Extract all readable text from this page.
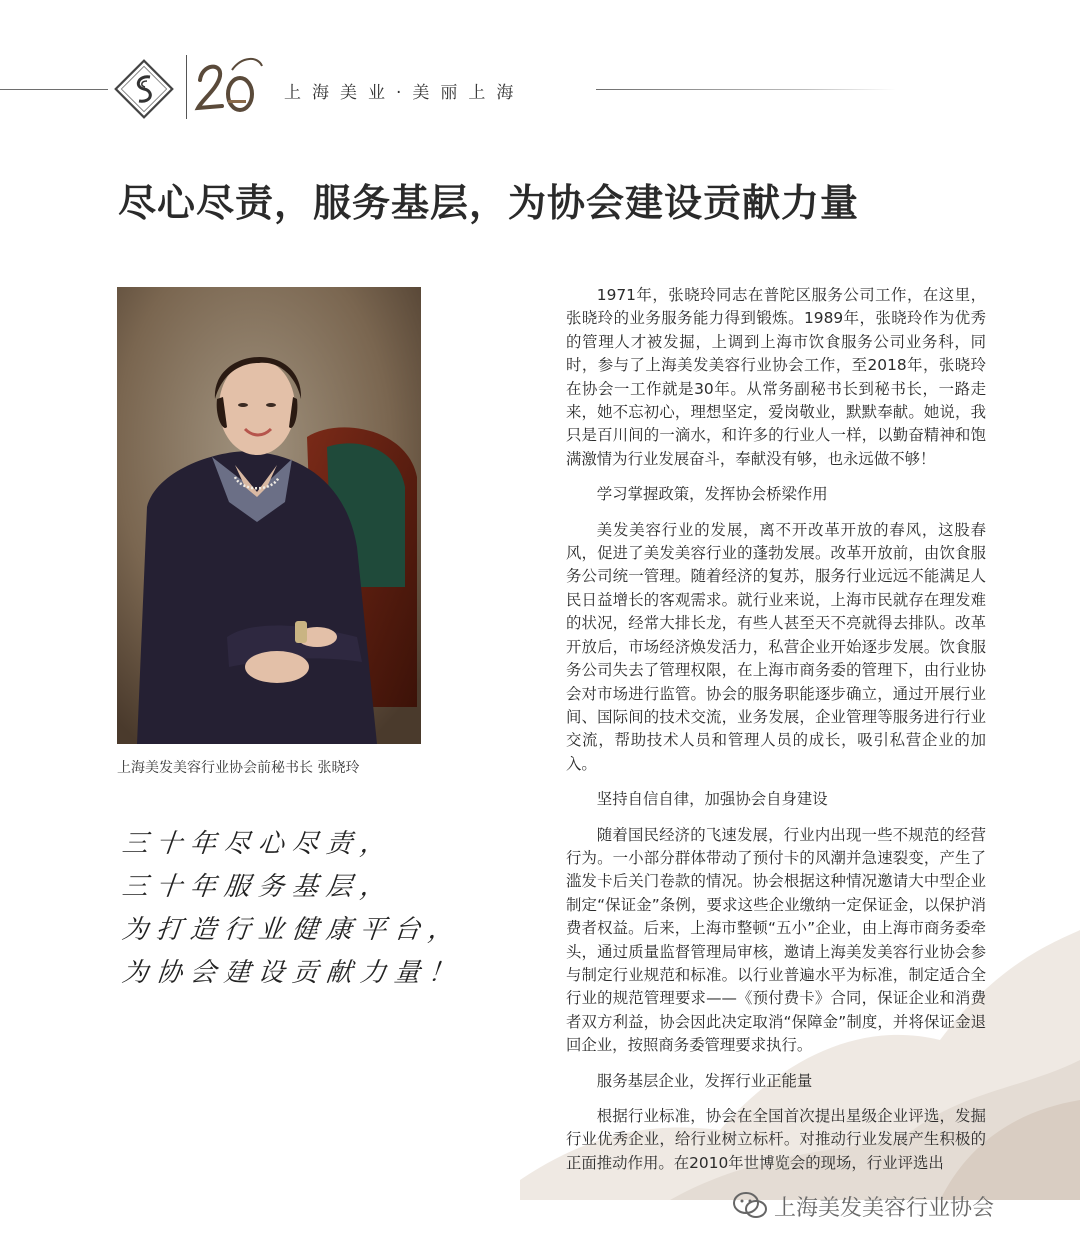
上海美业·美丽上海
尽心尽责，服务基层，为协会建设贡献力量
上海美发美容行业协会前秘书长 张晓玲
三十年尽心尽责，
三十年服务基层，
为打造行业健康平台，
为协会建设贡献力量！

1971年，张晓玲同志在普陀区服务公司工作，在这里，张晓玲的业务服务能力得到锻炼。1989年，张晓玲作为优秀的管理人才被发掘，上调到上海市饮食服务公司业务科，同时，参与了上海美发美容行业协会工作，至2018年，张晓玲在协会一工作就是30年。从常务副秘书长到秘书长，一路走来，她不忘初心，理想坚定，爱岗敬业，默默奉献。她说，我只是百川间的一滴水，和许多的行业人一样，以勤奋精神和饱满激情为行业发展奋斗，奉献没有够，也永远做不够！

学习掌握政策，发挥协会桥梁作用

美发美容行业的发展，离不开改革开放的春风，这股春风，促进了美发美容行业的蓬勃发展。改革开放前，由饮食服务公司统一管理。随着经济的复苏，服务行业远远不能满足人民日益增长的客观需求。就行业来说，上海市民就存在理发难的状况，经常大排长龙，有些人甚至天不亮就得去排队。改革开放后，市场经济焕发活力，私营企业开始逐步发展。饮食服务公司失去了管理权限，在上海市商务委的管理下，由行业协会对市场进行监管。协会的服务职能逐步确立，通过开展行业间、国际间的技术交流，业务发展，企业管理等服务进行行业交流，帮助技术人员和管理人员的成长，吸引私营企业的加入。

坚持自信自律，加强协会自身建设

随着国民经济的飞速发展，行业内出现一些不规范的经营行为。一小部分群体带动了预付卡的风潮并急速裂变，产生了滥发卡后关门卷款的情况。协会根据这种情况邀请大中型企业制定“保证金”条例，要求这些企业缴纳一定保证金，以保护消费者权益。后来，上海市整顿“五小”企业，由上海市商务委牵头，通过质量监督管理局审核，邀请上海美发美容行业协会参与制定行业规范和标准。以行业普遍水平为标准，制定适合全行业的规范管理要求——《预付费卡》合同，保证企业和消费者双方利益，协会因此决定取消“保障金”制度，并将保证金退回企业，按照商务委管理要求执行。

服务基层企业，发挥行业正能量

根据行业标准，协会在全国首次提出星级企业评选，发掘行业优秀企业，给行业树立标杆。对推动行业发展产生积极的正面推动作用。在2010年世博览会的现场，行业评选出

上海美发美容行业协会
